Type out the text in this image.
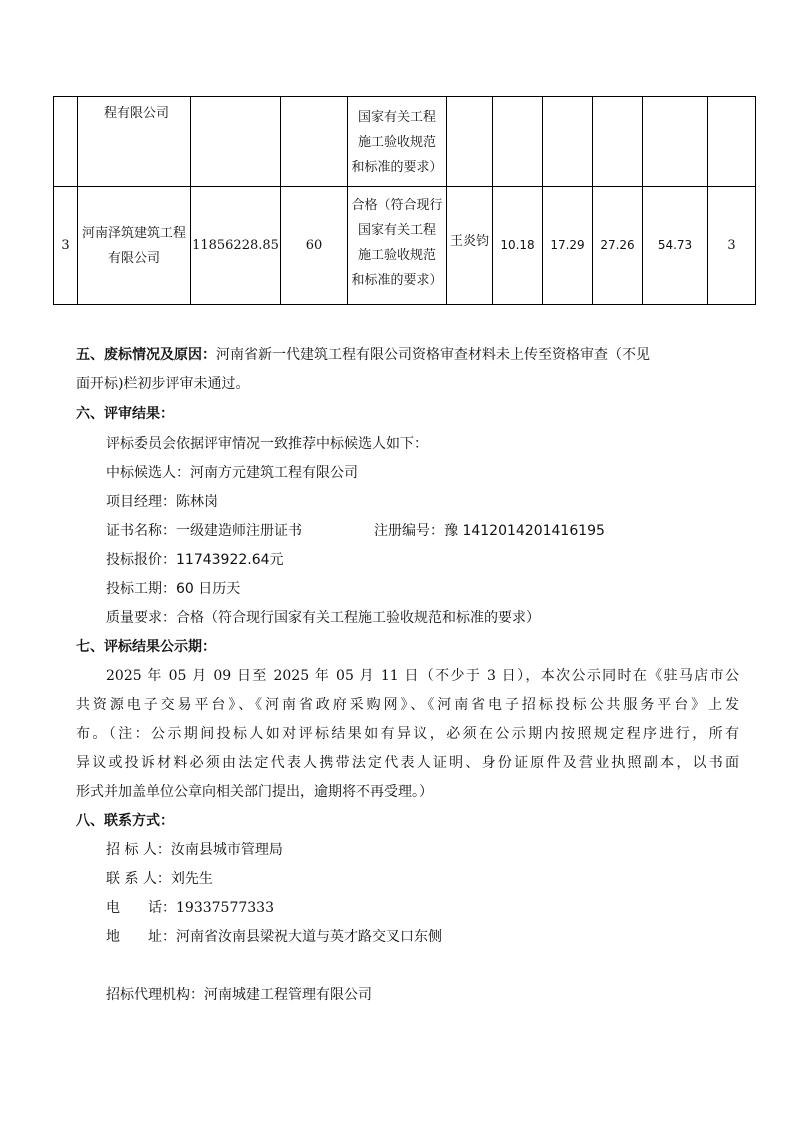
	程有限公司			国家有关工程
施工验收规范
和标准的要求）						

3	河南泽筑建筑工程
有限公司	11856228.85	60	合格（符合现行
国家有关工程
施工验收规范
和标准的要求）	王炎钧	10.18	17.29	27.26	54.73	3
五、废标情况及原因：河南省新一代建筑工程有限公司资格审查材料未上传至资格审查（不见
面开标)栏初步评审未通过。
六、评审结果：
评标委员会依据评审情况一致推荐中标候选人如下：
中标候选人：河南方元建筑工程有限公司
项目经理：陈林岗
证书名称：一级建造师注册证书	注册编号：豫 1412014201416195
投标报价：11743922.64元
投标工期：60 日历天
质量要求：合格（符合现行国家有关工程施工验收规范和标准的要求）
七、评标结果公示期：
2025 年 05 月 09 日至 2025 年 05 月 11 日（不少于 3 日），本次公示同时在《驻马店市公
共资源电子交易平台》、《河南省政府采购网》、《河南省电子招标投标公共服务平台》上发
布。（注：公示期间投标人如对评标结果如有异议，必须在公示期内按照规定程序进行，所有
异议或投诉材料必须由法定代表人携带法定代表人证明、身份证原件及营业执照副本，以书面
形式并加盖单位公章向相关部门提出，逾期将不再受理。）
八、联系方式：
招 标 人：汝南县城市管理局
联 系 人：刘先生
电　　话：19337577333
地　　址：河南省汝南县梁祝大道与英才路交叉口东侧
招标代理机构：河南城建工程管理有限公司
